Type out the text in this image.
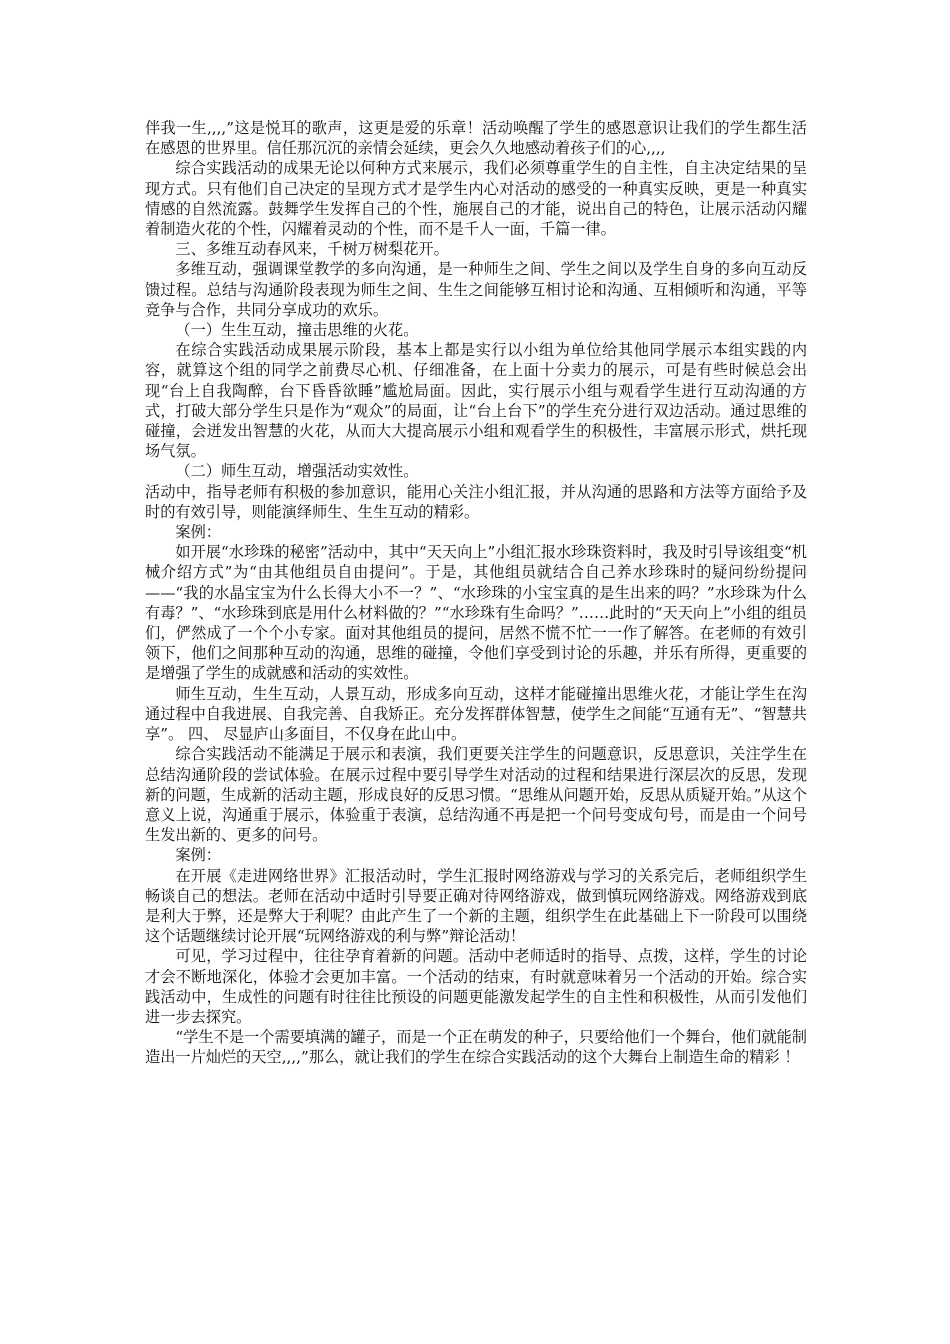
伴我一生,,,,”这是悦耳的歌声，这更是爱的乐章！活动唤醒了学生的感恩意识让我们的学生都生活在感恩的世界里。信任那沉沉的亲情会延续，更会久久地感动着孩子们的心,,,,

综合实践活动的成果无论以何种方式来展示，我们必须尊重学生的自主性，自主决定结果的呈现方式。只有他们自己决定的呈现方式才是学生内心对活动的感受的一种真实反映，更是一种真实情感的自然流露。鼓舞学生发挥自己的个性，施展自己的才能，说出自己的特色，让展示活动闪耀着制造火花的个性，闪耀着灵动的个性，而不是千人一面，千篇一律。

三、多维互动春风来，千树万树梨花开。

多维互动，强调课堂教学的多向沟通，是一种师生之间、学生之间以及学生自身的多向互动反馈过程。总结与沟通阶段表现为师生之间、生生之间能够互相讨论和沟通、互相倾听和沟通，平等竞争与合作，共同分享成功的欢乐。

（一）生生互动，撞击思维的火花。

在综合实践活动成果展示阶段，基本上都是实行以小组为单位给其他同学展示本组实践的内容，就算这个组的同学之前费尽心机、仔细准备，在上面十分卖力的展示，可是有些时候总会出现“台上自我陶醉，台下昏昏欲睡”尴尬局面。因此，实行展示小组与观看学生进行互动沟通的方式，打破大部分学生只是作为“观众”的局面，让“台上台下”的学生充分进行双边活动。通过思维的碰撞，会迸发出智慧的火花，从而大大提高展示小组和观看学生的积极性，丰富展示形式，烘托现场气氛。

（二）师生互动，增强活动实效性。

活动中，指导老师有积极的参加意识，能用心关注小组汇报，并从沟通的思路和方法等方面给予及时的有效引导，则能演绎师生、生生互动的精彩。

案例：

如开展“水珍珠的秘密”活动中，其中“天天向上”小组汇报水珍珠资料时，我及时引导该组变“机械介绍方式”为“由其他组员自由提问”。于是，其他组员就结合自己养水珍珠时的疑问纷纷提问——“我的水晶宝宝为什么长得大小不一？”、“水珍珠的小宝宝真的是生出来的吗？”水珍珠为什么有毒？”、“水珍珠到底是用什么材料做的？”“水珍珠有生命吗？”……此时的“天天向上”小组的组员们，俨然成了一个个小专家。面对其他组员的提问，居然不慌不忙一一作了解答。在老师的有效引领下，他们之间那种互动的沟通，思维的碰撞，令他们享受到讨论的乐趣，并乐有所得，更重要的是增强了学生的成就感和活动的实效性。

师生互动，生生互动，人景互动，形成多向互动，这样才能碰撞出思维火花，才能让学生在沟通过程中自我进展、自我完善、自我矫正。充分发挥群体智慧，使学生之间能“互通有无”、“智慧共享”。 四、 尽显庐山多面目，不仅身在此山中。

综合实践活动不能满足于展示和表演，我们更要关注学生的问题意识，反思意识，关注学生在总结沟通阶段的尝试体验。在展示过程中要引导学生对活动的过程和结果进行深层次的反思，发现新的问题，生成新的活动主题，形成良好的反思习惯。“思维从问题开始，反思从质疑开始。”从这个意义上说，沟通重于展示，体验重于表演，总结沟通不再是把一个问号变成句号，而是由一个问号生发出新的、更多的问号。

案例：

在开展《走进网络世界》汇报活动时，学生汇报时网络游戏与学习的关系完后，老师组织学生畅谈自己的想法。老师在活动中适时引导要正确对待网络游戏，做到慎玩网络游戏。网络游戏到底是利大于弊，还是弊大于利呢？由此产生了一个新的主题，组织学生在此基础上下一阶段可以围绕这个话题继续讨论开展“玩网络游戏的利与弊”辩论活动！

可见，学习过程中，往往孕育着新的问题。活动中老师适时的指导、点拨，这样，学生的讨论才会不断地深化，体验才会更加丰富。一个活动的结束，有时就意味着另一个活动的开始。综合实践活动中，生成性的问题有时往往比预设的问题更能激发起学生的自主性和积极性，从而引发他们进一步去探究。

“学生不是一个需要填满的罐子，而是一个正在萌发的种子，只要给他们一个舞台，他们就能制造出一片灿烂的天空,,,,”那么，就让我们的学生在综合实践活动的这个大舞台上制造生命的精彩 ！
